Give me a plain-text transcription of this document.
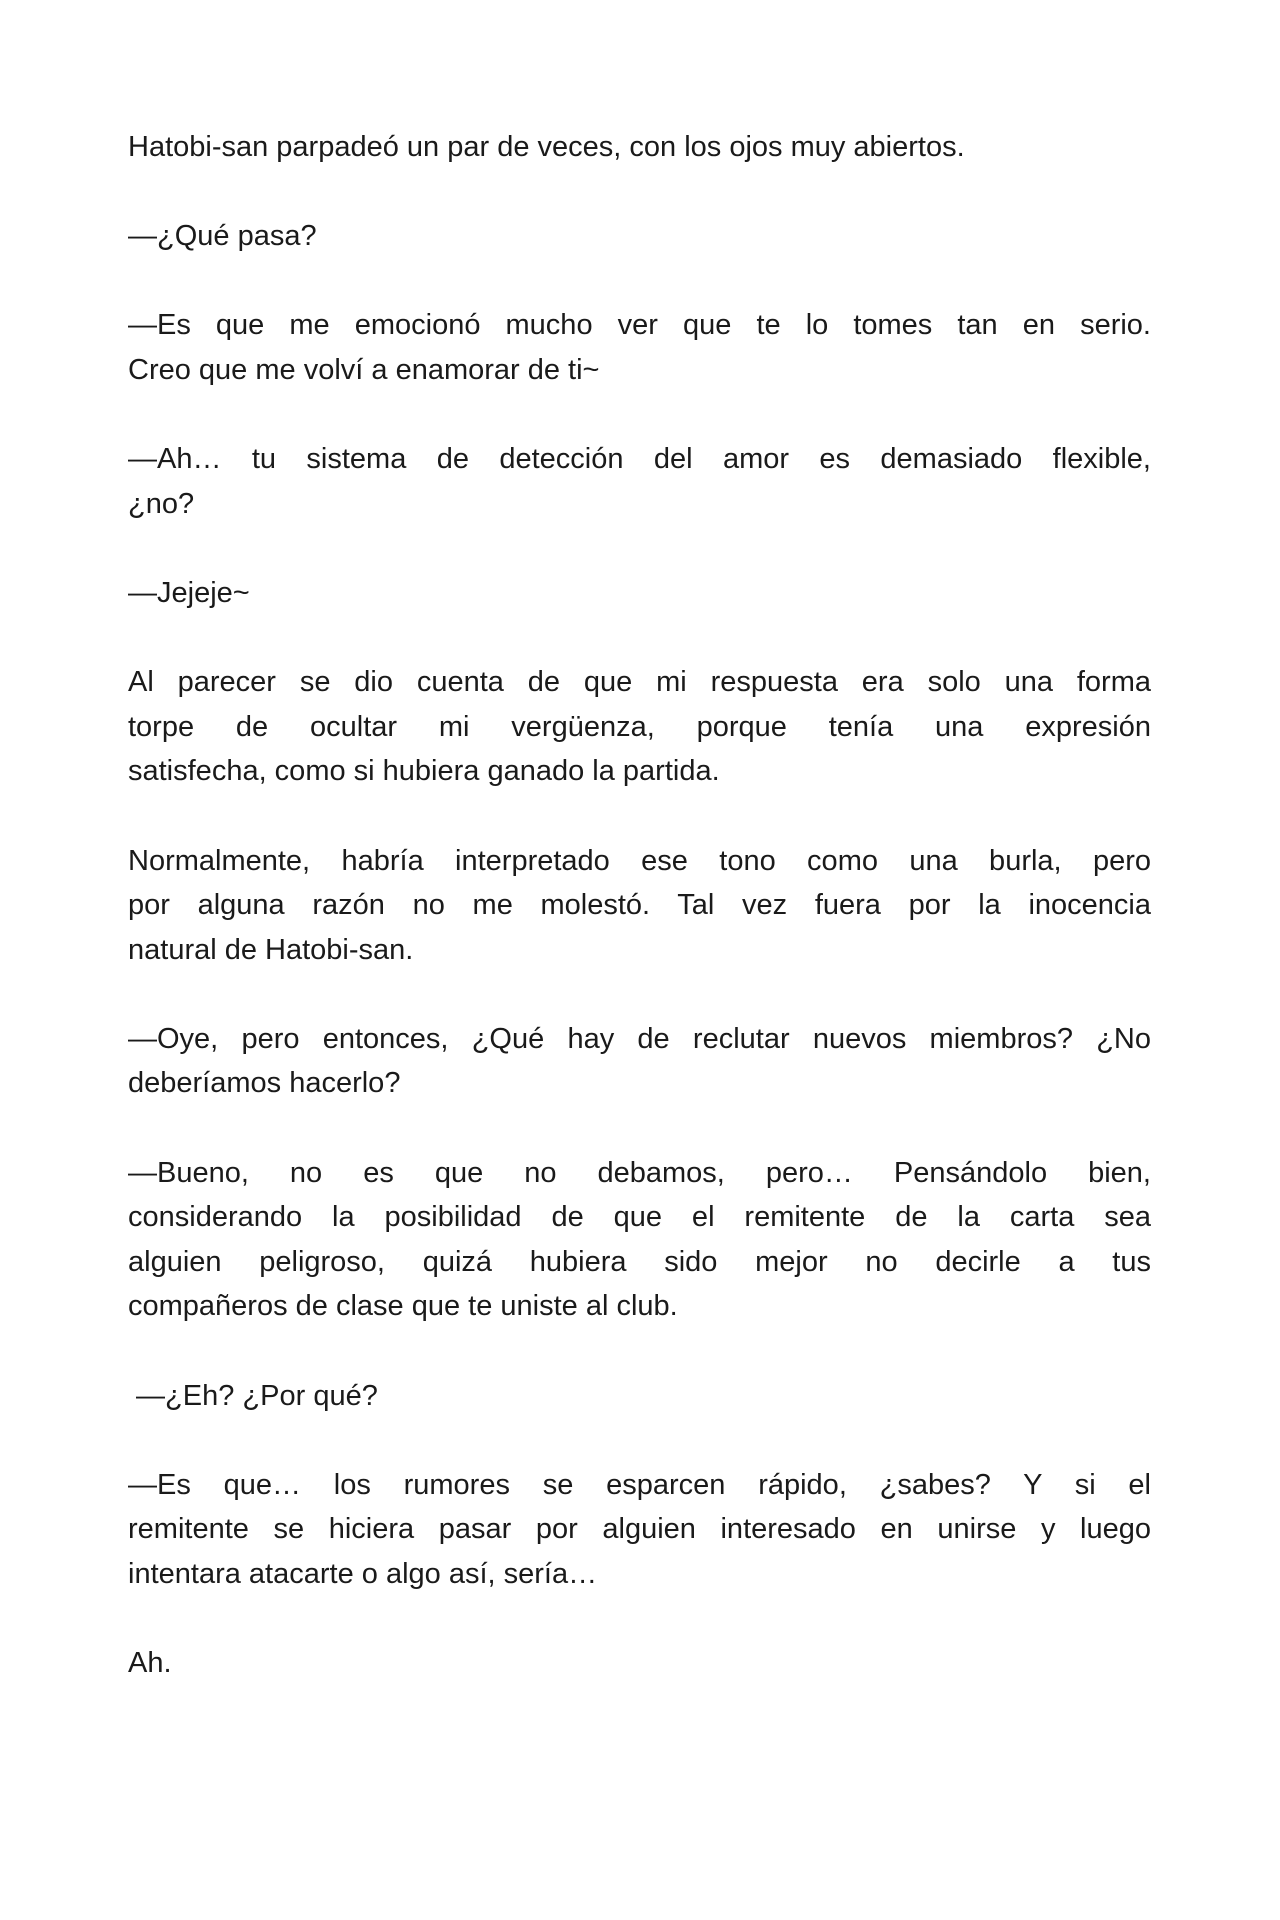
Hatobi-san parpadeó un par de veces, con los ojos muy abiertos.
—¿Qué pasa?
—Es que me emocionó mucho ver que te lo tomes tan en serio.
Creo que me volví a enamorar de ti~
—Ah… tu sistema de detección del amor es demasiado flexible,
¿no?
—Jejeje~
Al parecer se dio cuenta de que mi respuesta era solo una forma
torpe de ocultar mi vergüenza, porque tenía una expresión
satisfecha, como si hubiera ganado la partida.
Normalmente, habría interpretado ese tono como una burla, pero
por alguna razón no me molestó. Tal vez fuera por la inocencia
natural de Hatobi-san.
—Oye, pero entonces, ¿Qué hay de reclutar nuevos miembros? ¿No
deberíamos hacerlo?
—Bueno, no es que no debamos, pero… Pensándolo bien,
considerando la posibilidad de que el remitente de la carta sea
alguien peligroso, quizá hubiera sido mejor no decirle a tus
compañeros de clase que te uniste al club.
—¿Eh? ¿Por qué?
—Es que… los rumores se esparcen rápido, ¿sabes? Y si el
remitente se hiciera pasar por alguien interesado en unirse y luego
intentara atacarte o algo así, sería…
Ah.
